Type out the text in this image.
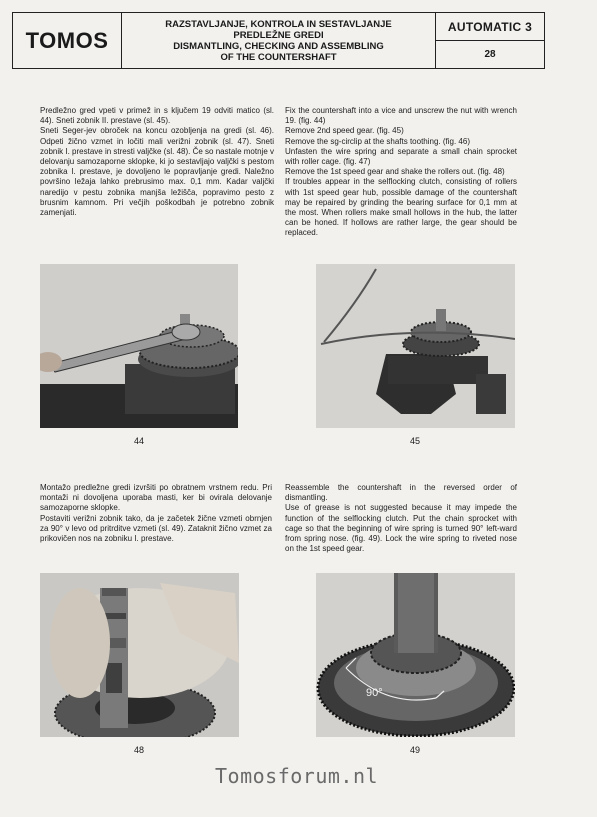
TOMOS
RAZSTAVLJANJE, KONTROLA IN SESTAVLJANJE
PREDLEŽNE GREDI
DISMANTLING, CHECKING AND ASSEMBLING
OF THE COUNTERSHAFT
AUTOMATIC 3
28

Predležno gred vpeti v primež in s ključem 19 odviti matico (sl. 44). Sneti zobnik II. prestave (sl. 45).

Sneti Seger-jev obroček na koncu ozobljenja na gredi (sl. 46). Odpeti žično vzmet in ločiti mali verižni zobnik (sl. 47). Sneti zobnik I. prestave in stresti valjčke (sl. 48). Če so nastale motnje v delovanju samozaporne sklopke, ki jo sestavljajo valjčki s pestom zobnika I. prestave, je dovoljeno le popravljanje gredi. Naležno površino ležaja lahko prebrusimo max. 0,1 mm. Kadar valjčki naredijo v pestu zobnika manjša ležišča, popravimo pesto z brusnim kamnom. Pri večjih poškodbah je potrebno zobnik zamenjati.

Fix the countershaft into a vice and unscrew the nut with wrench 19. (fig. 44)

Remove 2nd speed gear. (fig. 45)

Remove the sg-circlip at the shafts toothing. (fig. 46)

Unfasten the wire spring and separate a small chain sprocket with roller cage. (fig. 47)

Remove the 1st speed gear and shake the rollers out. (fig. 48)

If troubles appear in the selflocking clutch, consisting of rollers with 1st speed gear hub, possible damage of the countershaft may be repaired by grinding the bearing surface for 0,1 mm at the most. When rollers make small hollows in the hub, the latter can be honed. If hollows are rather large, the gear should be replaced.

44	45

Montažo predležne gredi izvršiti po obratnem vrstnem redu. Pri montaži ni dovoljena uporaba masti, ker bi ovirala delovanje samozaporne sklopke.

Postaviti verižni zobnik tako, da je začetek žične vzmeti obrnjen za 90° v levo od pritrditve vzmeti (sl. 49). Zataknit žično vzmet za prikovičen nos na zobniku I. prestave.

Reassemble the countershaft in the reversed order of dismantling.

Use of grease is not suggested because it may impede the function of the selflocking clutch. Put the chain sprocket with cage so that the beginning of wire spring is turned 90° left-ward from spring nose. (fig. 49). Lock the wire spring to riveted nose on the 1st speed gear.

48
90°
49
Tomosforum.nl
